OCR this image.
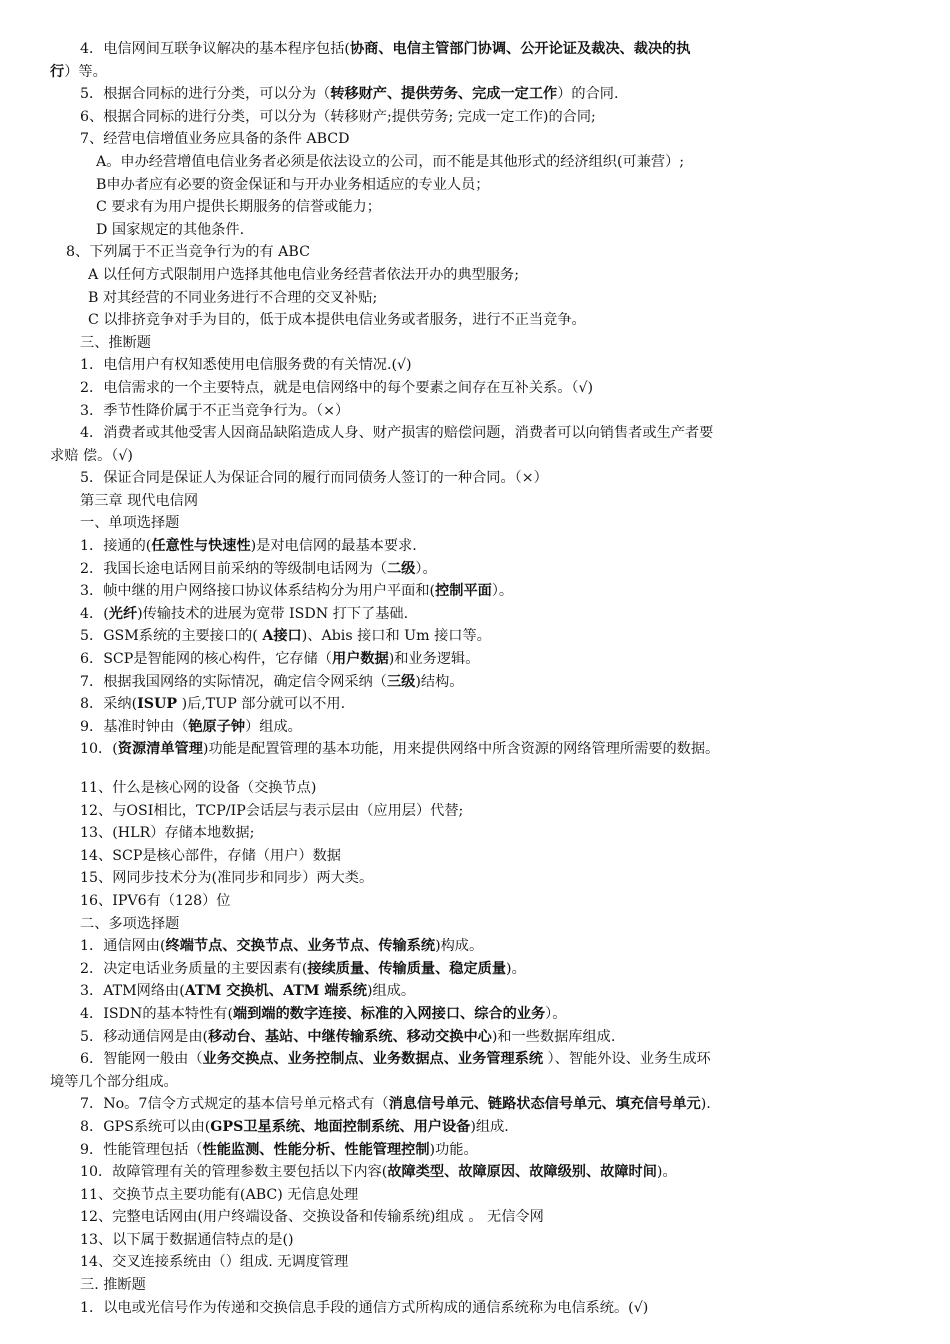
4．电信网间互联争议解决的基本程序包括(协商、电信主管部门协调、公开论证及裁决、裁决的执
行）等。
5．根据合同标的进行分类，可以分为（转移财产、提供劳务、完成一定工作）的合同.
6、根据合同标的进行分类，可以分为（转移财产;提供劳务; 完成一定工作)的合同;
7、经营电信增值业务应具备的条件 ABCD
A。申办经营增值电信业务者必须是依法设立的公司，而不能是其他形式的经济组织(可兼营）;
B申办者应有必要的资金保证和与开办业务相适应的专业人员；
C 要求有为用户提供长期服务的信誉或能力；
D 国家规定的其他条件.
8、下列属于不正当竞争行为的有 ABC
A 以任何方式限制用户选择其他电信业务经营者依法开办的典型服务;
B 对其经营的不同业务进行不合理的交叉补贴;
C 以排挤竞争对手为目的，低于成本提供电信业务或者服务，进行不正当竞争。
三、推断题
1．电信用户有权知悉使用电信服务费的有关情况.(√)
2．电信需求的一个主要特点，就是电信网络中的每个要素之间存在互补关系。（√)
3．季节性降价属于不正当竞争行为。（×）
4．消费者或其他受害人因商品缺陷造成人身、财产损害的赔偿问题，消费者可以向销售者或生产者要
求赔 偿。（√)
5．保证合同是保证人为保证合同的履行而同债务人签订的一种合同。（×）
第三章 现代电信网
一、单项选择题
1．接通的(任意性与快速性)是对电信网的最基本要求.
2．我国长途电话网目前采纳的等级制电话网为（二级）。
3．帧中继的用户网络接口协议体系结构分为用户平面和(控制平面）。
4．(光纤)传输技术的进展为宽带 ISDN 打下了基础.
5．GSM系统的主要接口的( A接口)、Abis 接口和 Um 接口等。
6．SCP是智能网的核心构件，它存储（用户数据)和业务逻辑。
7．根据我国网络的实际情况，确定信令网采纳（三级)结构。
8．采纳(ISUP )后,TUP 部分就可以不用.
9．基准时钟由（铯原子钟）组成。
10．(资源清单管理)功能是配置管理的基本功能，用来提供网络中所含资源的网络管理所需要的数据。
11、什么是核心网的设备（交换节点)
12、与OSI相比，TCP/IP会话层与表示层由（应用层）代替;
13、(HLR）存储本地数据;
14、SCP是核心部件，存储（用户）数据
15、网同步技术分为(准同步和同步）两大类。
16、IPV6有（128）位
二、多项选择题
1．通信网由(终端节点、交换节点、业务节点、传输系统)构成。
2．决定电话业务质量的主要因素有(接续质量、传输质量、稳定质量)。
3．ATM网络由(ATM 交换机、ATM 端系统)组成。
4．ISDN的基本特性有(端到端的数字连接、标准的入网接口、综合的业务）。
5．移动通信网是由(移动台、基站、中继传输系统、移动交换中心)和一些数据库组成.
6．智能网一般由（业务交换点、业务控制点、业务数据点、业务管理系统 ）、智能外设、业务生成环
境等几个部分组成。
7．No。7信令方式规定的基本信号单元格式有（消息信号单元、链路状态信号单元、填充信号单元).
8．GPS系统可以由(GPS卫星系统、地面控制系统、用户设备)组成.
9．性能管理包括（性能监测、性能分析、性能管理控制)功能。
10．故障管理有关的管理参数主要包括以下内容(故障类型、故障原因、故障级别、故障时间)。
11、交换节点主要功能有(ABC) 无信息处理
12、完整电话网由(用户终端设备、交换设备和传输系统)组成 。 无信令网
13、以下属于数据通信特点的是()
14、交叉连接系统由（）组成. 无调度管理
三. 推断题
1．以电或光信号作为传递和交换信息手段的通信方式所构成的通信系统称为电信系统。(√)
